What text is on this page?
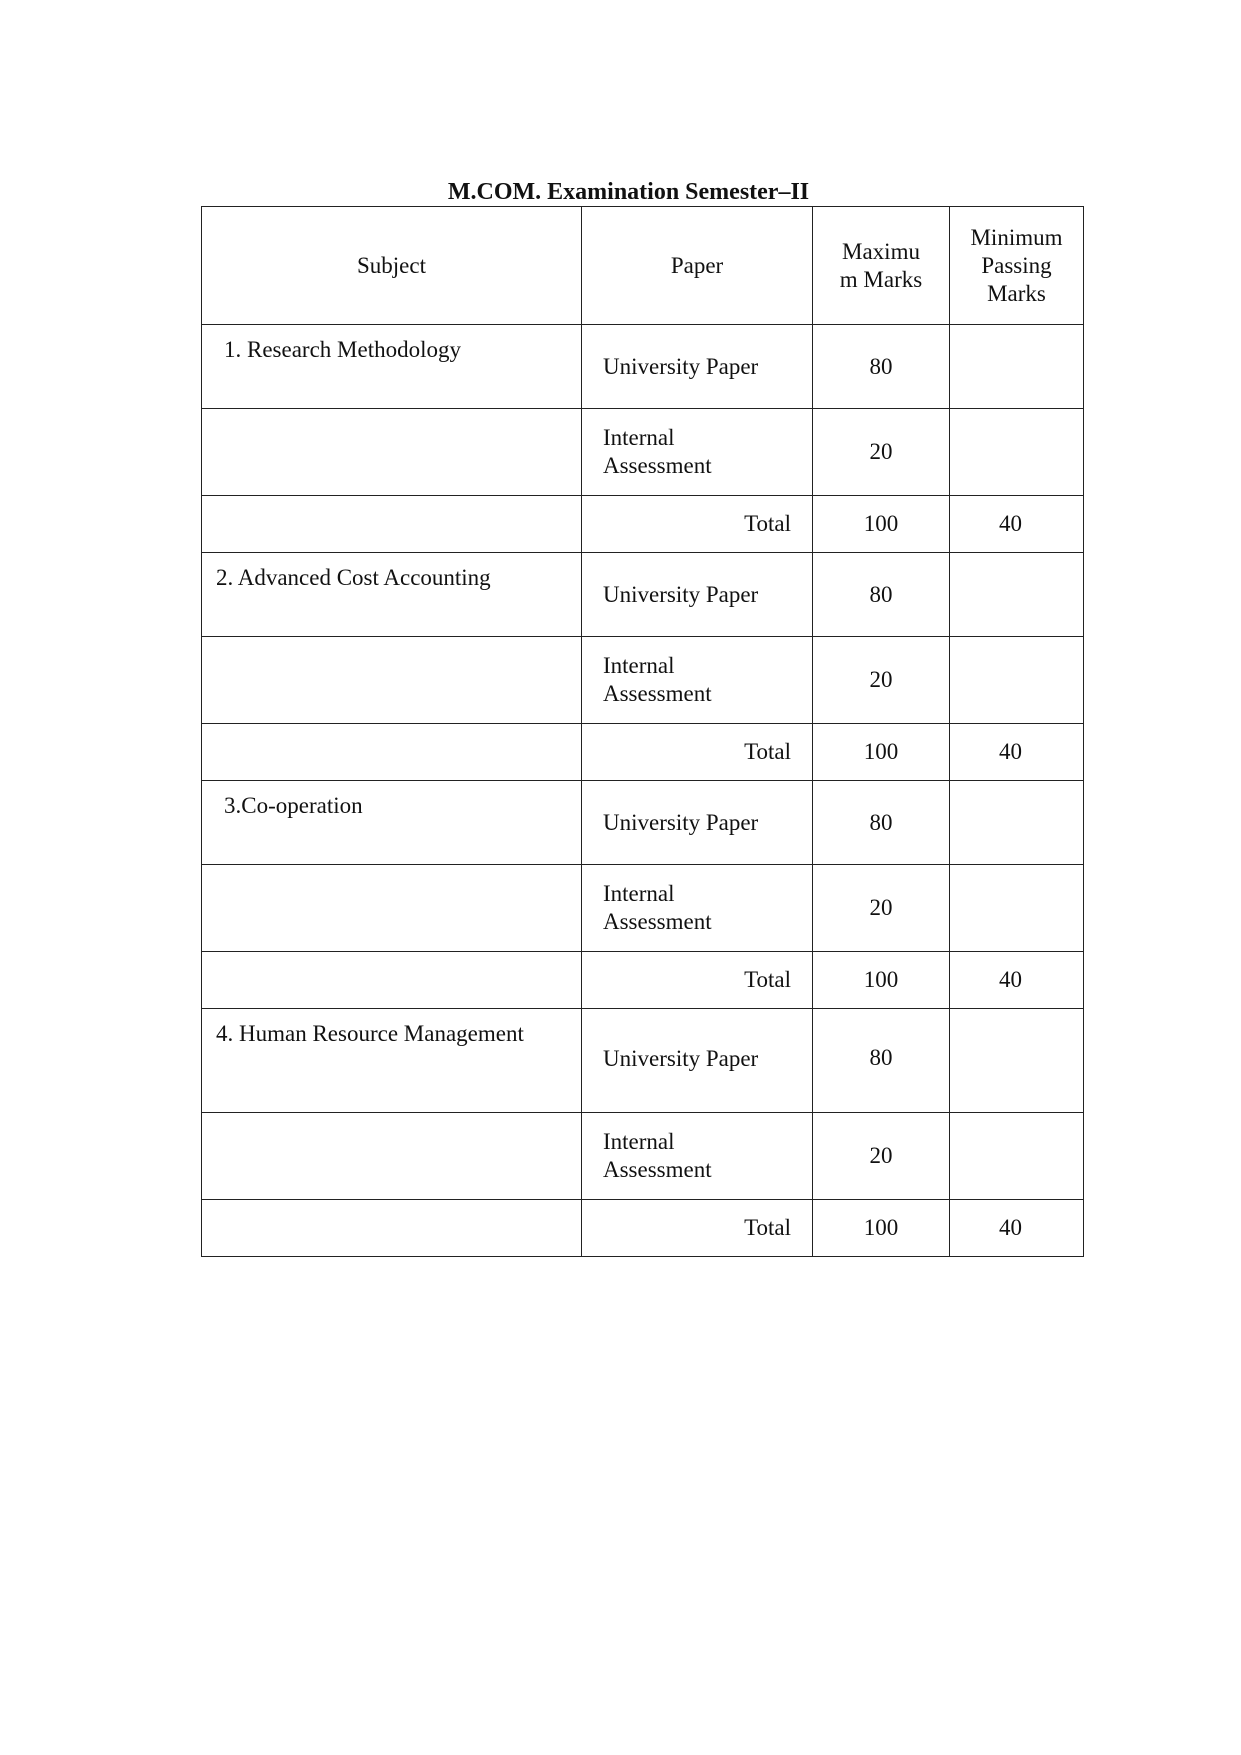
M.COM. Examination Semester–II
Subject	Paper	Maximu
m Marks	Minimum
Passing
Marks
1. Research Methodology	University Paper	80	
	Internal
Assessment	20	
	Total	100	40
2. Advanced Cost Accounting	University Paper	80	
	Internal
Assessment	20	
	Total	100	40
3.Co-operation	University Paper	80	
	Internal
Assessment	20	
	Total	100	40
4. Human Resource Management	University Paper	80	
	Internal
Assessment	20	
	Total	100	40
